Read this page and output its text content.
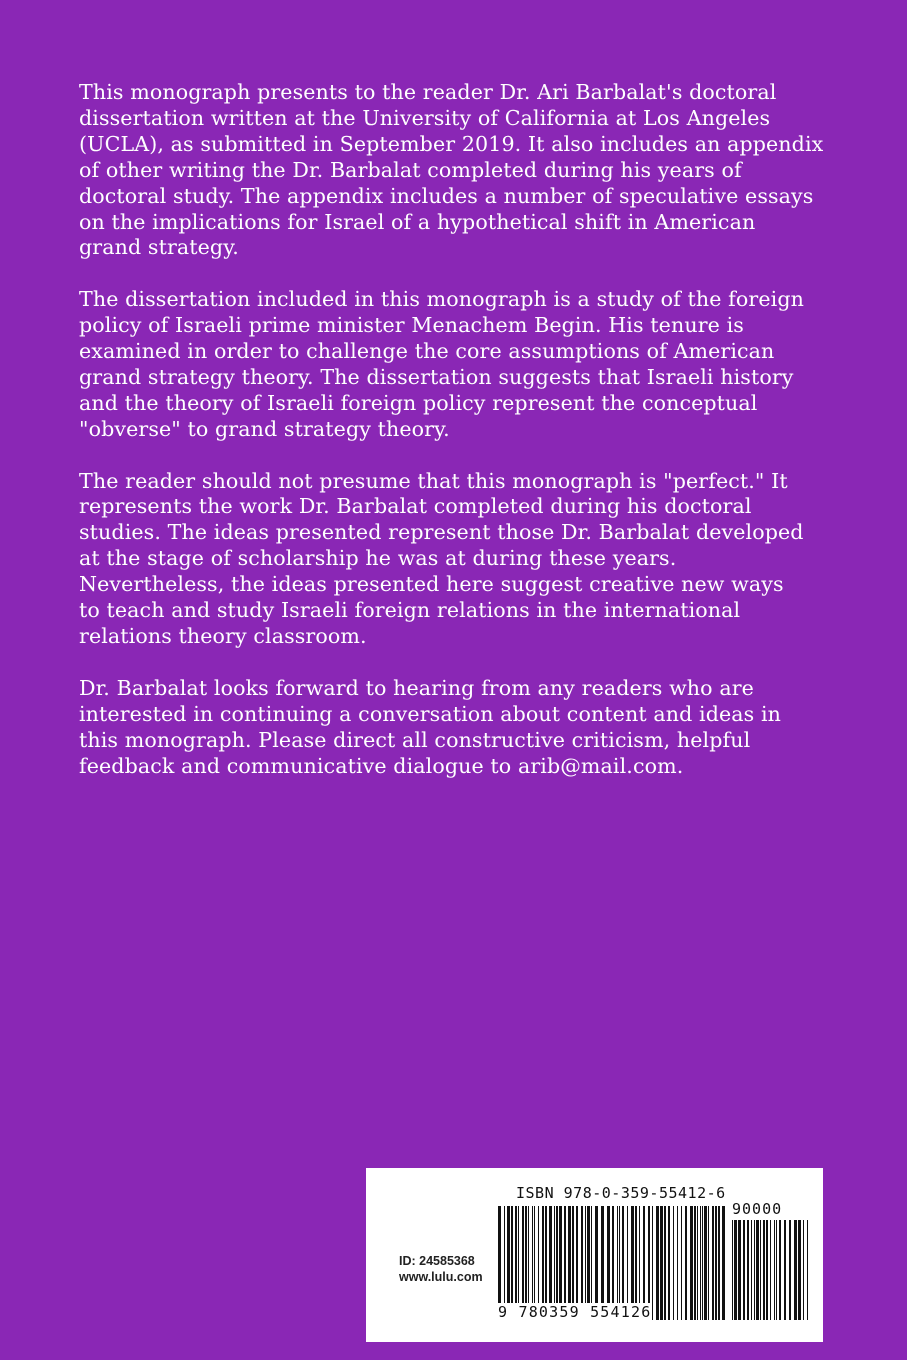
This monograph presents to the reader Dr. Ari Barbalat's doctoral
dissertation written at the University of California at Los Angeles
(UCLA), as submitted in September 2019. It also includes an appendix
of other writing the Dr. Barbalat completed during his years of
doctoral study. The appendix includes a number of speculative essays
on the implications for Israel of a hypothetical shift in American
grand strategy.

The dissertation included in this monograph is a study of the foreign
policy of Israeli prime minister Menachem Begin. His tenure is
examined in order to challenge the core assumptions of American
grand strategy theory. The dissertation suggests that Israeli history
and the theory of Israeli foreign policy represent the conceptual
"obverse" to grand strategy theory.

The reader should not presume that this monograph is "perfect." It
represents the work Dr. Barbalat completed during his doctoral
studies. The ideas presented represent those Dr. Barbalat developed
at the stage of scholarship he was at during these years.
Nevertheless, the ideas presented here suggest creative new ways
to teach and study Israeli foreign relations in the international
relations theory classroom.

Dr. Barbalat looks forward to hearing from any readers who are
interested in continuing a conversation about content and ideas in
this monograph. Please direct all constructive criticism, helpful
feedback and communicative dialogue to arib@mail.com.

ID: 24585368
www.lulu.com
ISBN 978-0-359-55412-6
90000
9 780359 554126
